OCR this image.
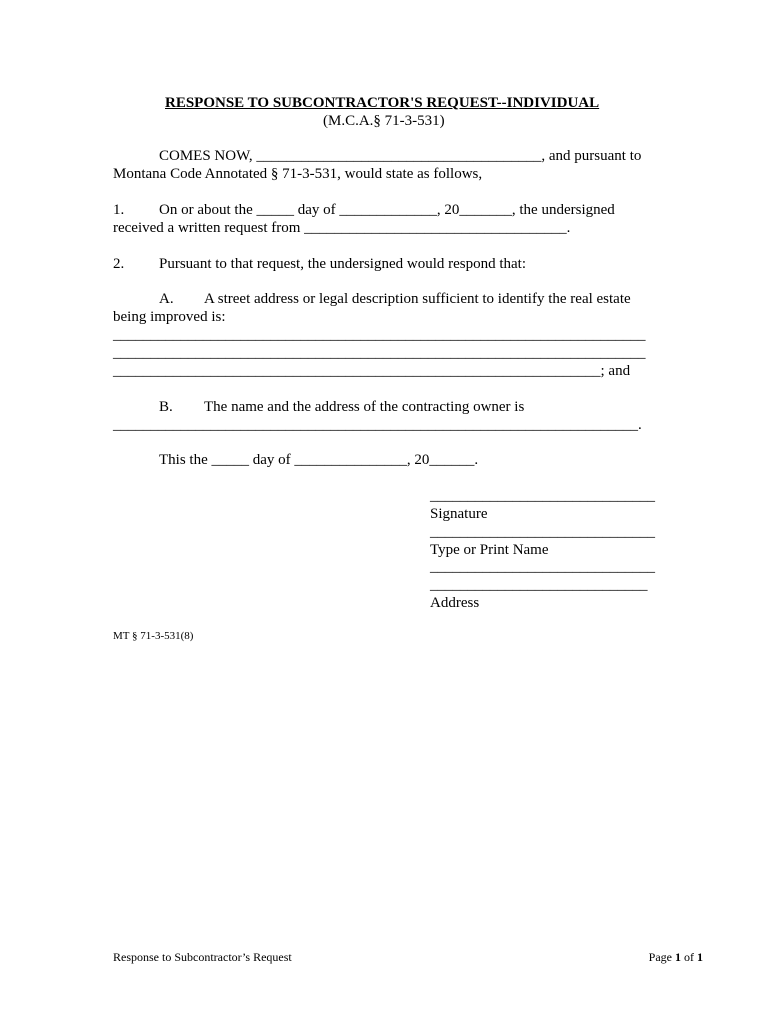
RESPONSE TO SUBCONTRACTOR'S REQUEST--INDIVIDUAL
(M.C.A.§ 71-3-531)
COMES NOW, ______________________________________, and pursuant to
Montana Code Annotated § 71-3-531, would state as follows,
1. On or about the _____ day of _____________, 20_______, the undersigned
received a written request from ___________________________________.
2. Pursuant to that request, the undersigned would respond that:
A. A street address or legal description sufficient to identify the real estate
being improved is:
_______________________________________________________________________
_______________________________________________________________________
_________________________________________________________________; and
B. The name and the address of the contracting owner is
______________________________________________________________________.
This the _____ day of _______________, 20______.
______________________________
Signature
______________________________
Type or Print Name
______________________________
_____________________________
Address
MT § 71-3-531(8)
Response to Subcontractor’s Request	Page 1 of 1
